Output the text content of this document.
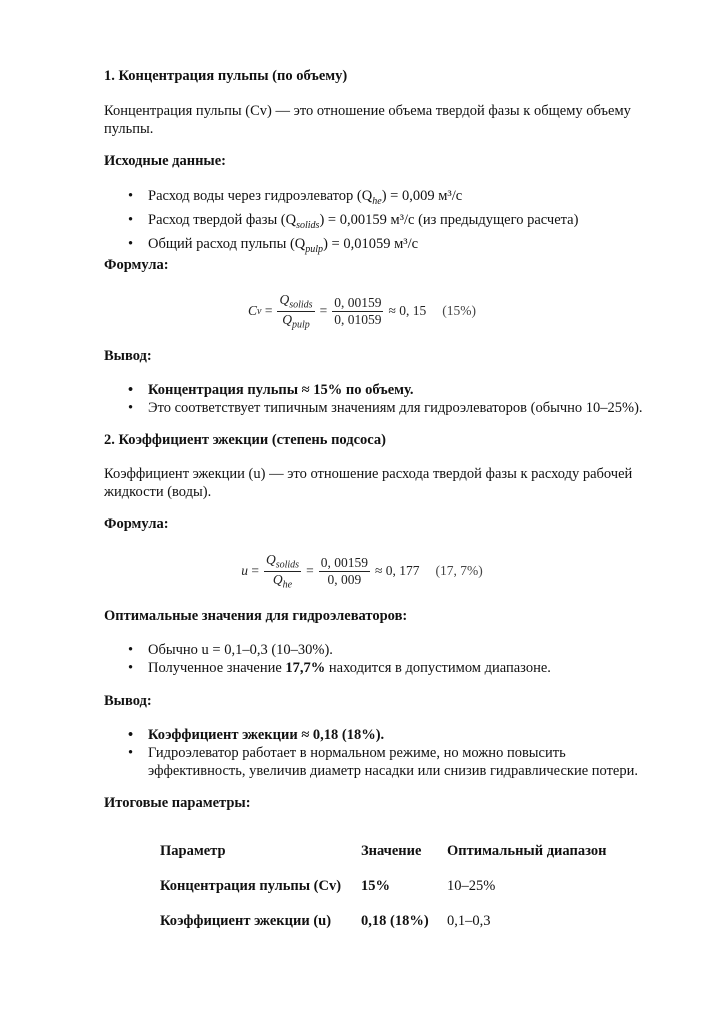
1. Концентрация пульпы (по объему)
Концентрация пульпы (Cv) — это отношение объема твердой фазы к общему объему пульпы.
Исходные данные:
• Расход воды через гидроэлеватор $(Q_{he}) = 0,009$ м³/с
• Расход твердой фазы $(Q_{solids}) = 0,00159$ м³/с (из предыдущего расчета)
• Общий расход пульпы $(Q_{pulp}) = 0,01059$ м³/с
Формула:
C $v = \frac{Q_{solids}}{Q_{pulp}} = \frac{0, 00159}{0, 01059} \approx 0$, 15 (15%)
Вывод:
• Концентрация пульпы ≈ 15% по объему.
• Это соответствует типичным значениям для гидроэлеваторов (обычно 10–25%).
2. Коэффициент эжекции (степень подсоса)
Коэффициент эжекции (u) — это отношение расхода твердой фазы к расходу рабочей жидкости (воды).
Формула:
$u = \frac{Q_{solids}}{Q_{he}} = \frac{0, 00159}{0, 009} \approx 0$, 177 (17, 7%)
Оптимальные значения для гидроэлеваторов:
• Обычно u = 0,1–0,3 (10–30%).
• Полученное значение 17,7% находится в допустимом диапазоне.
Вывод:
• Коэффициент эжекции ≈ 0,18 (18%).
• Гидроэлеватор работает в нормальном режиме, но можно повысить эффективность, увеличив диаметр насадки или снизив гидравлические потери.
Итоговые параметры:
Параметр	Значение	Оптимальный диапазон
Концентрация пульпы (Cv)	15%	10–25%
Коэффициент эжекции (u)	0,18 (18%)	0,1–0,3
